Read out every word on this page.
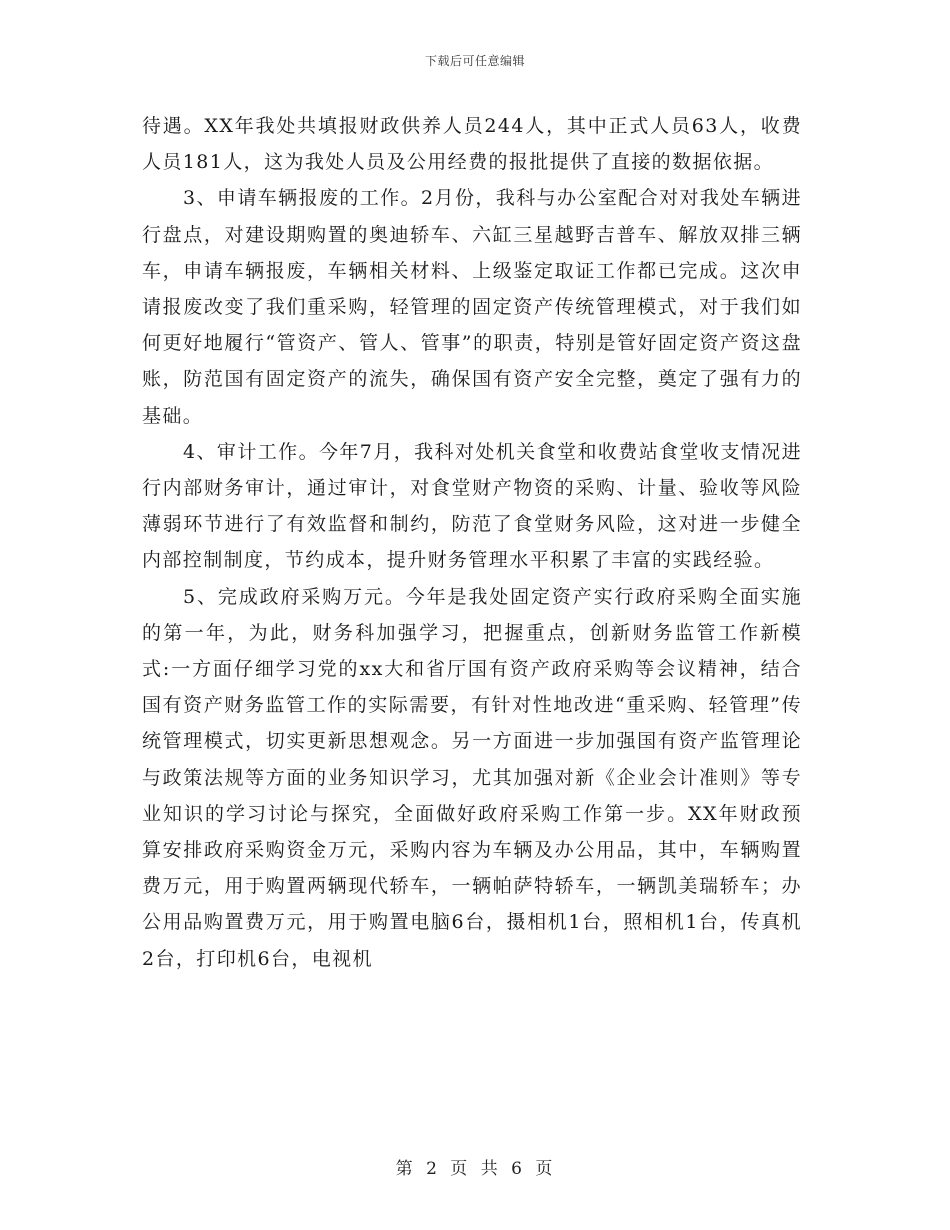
下载后可任意编辑

待遇。XX年我处共填报财政供养人员244人，其中正式人员63人，收费人员181人，这为我处人员及公用经费的报批提供了直接的数据依据。

3、申请车辆报废的工作。2月份，我科与办公室配合对对我处车辆进行盘点，对建设期购置的奥迪轿车、六缸三星越野吉普车、解放双排三辆车，申请车辆报废，车辆相关材料、上级鉴定取证工作都已完成。这次申请报废改变了我们重采购，轻管理的固定资产传统管理模式，对于我们如何更好地履行“管资产、管人、管事”的职责，特别是管好固定资产资这盘账，防范国有固定资产的流失，确保国有资产安全完整，奠定了强有力的基础。

4、审计工作。今年7月，我科对处机关食堂和收费站食堂收支情况进行内部财务审计，通过审计，对食堂财产物资的采购、计量、验收等风险薄弱环节进行了有效监督和制约，防范了食堂财务风险，这对进一步健全内部控制制度，节约成本，提升财务管理水平积累了丰富的实践经验。

5、完成政府采购万元。今年是我处固定资产实行政府采购全面实施的第一年，为此，财务科加强学习，把握重点，创新财务监管工作新模式:一方面仔细学习党的xx大和省厅国有资产政府采购等会议精神，结合国有资产财务监管工作的实际需要，有针对性地改进“重采购、轻管理”传统管理模式，切实更新思想观念。另一方面进一步加强国有资产监管理论与政策法规等方面的业务知识学习，尤其加强对新《企业会计准则》等专业知识的学习讨论与探究，全面做好政府采购工作第一步。XX年财政预算安排政府采购资金万元，采购内容为车辆及办公用品，其中，车辆购置费万元，用于购置两辆现代轿车，一辆帕萨特轿车，一辆凯美瑞轿车；办公用品购置费万元，用于购置电脑6台，摄相机1台，照相机1台，传真机2台，打印机6台，电视机

第 2 页 共 6 页
